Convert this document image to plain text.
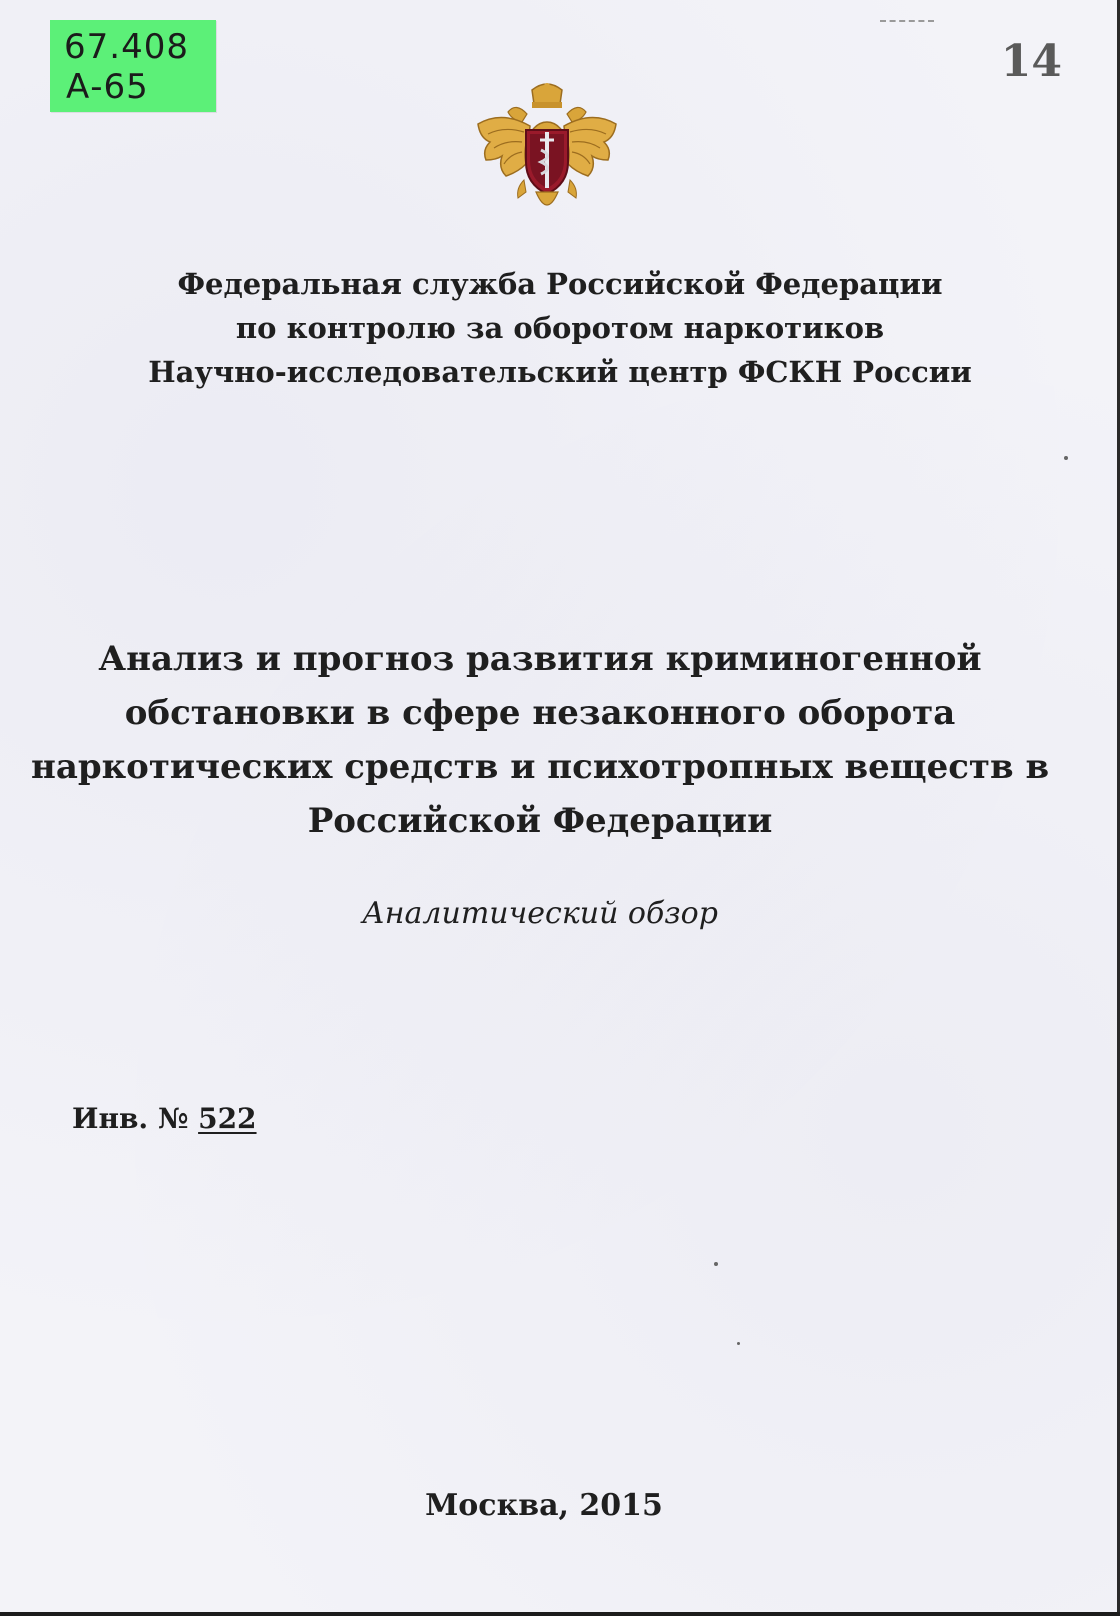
67.408
А-65	14
Федеральная служба Российской Федерации
по контролю за оборотом наркотиков
Научно-исследовательский центр ФСКН России
Анализ и прогноз развития криминогенной
обстановки в сфере незаконного оборота
наркотических средств и психотропных веществ в
Российской Федерации
Аналитический обзор
Инв. № 522
Москва, 2015
